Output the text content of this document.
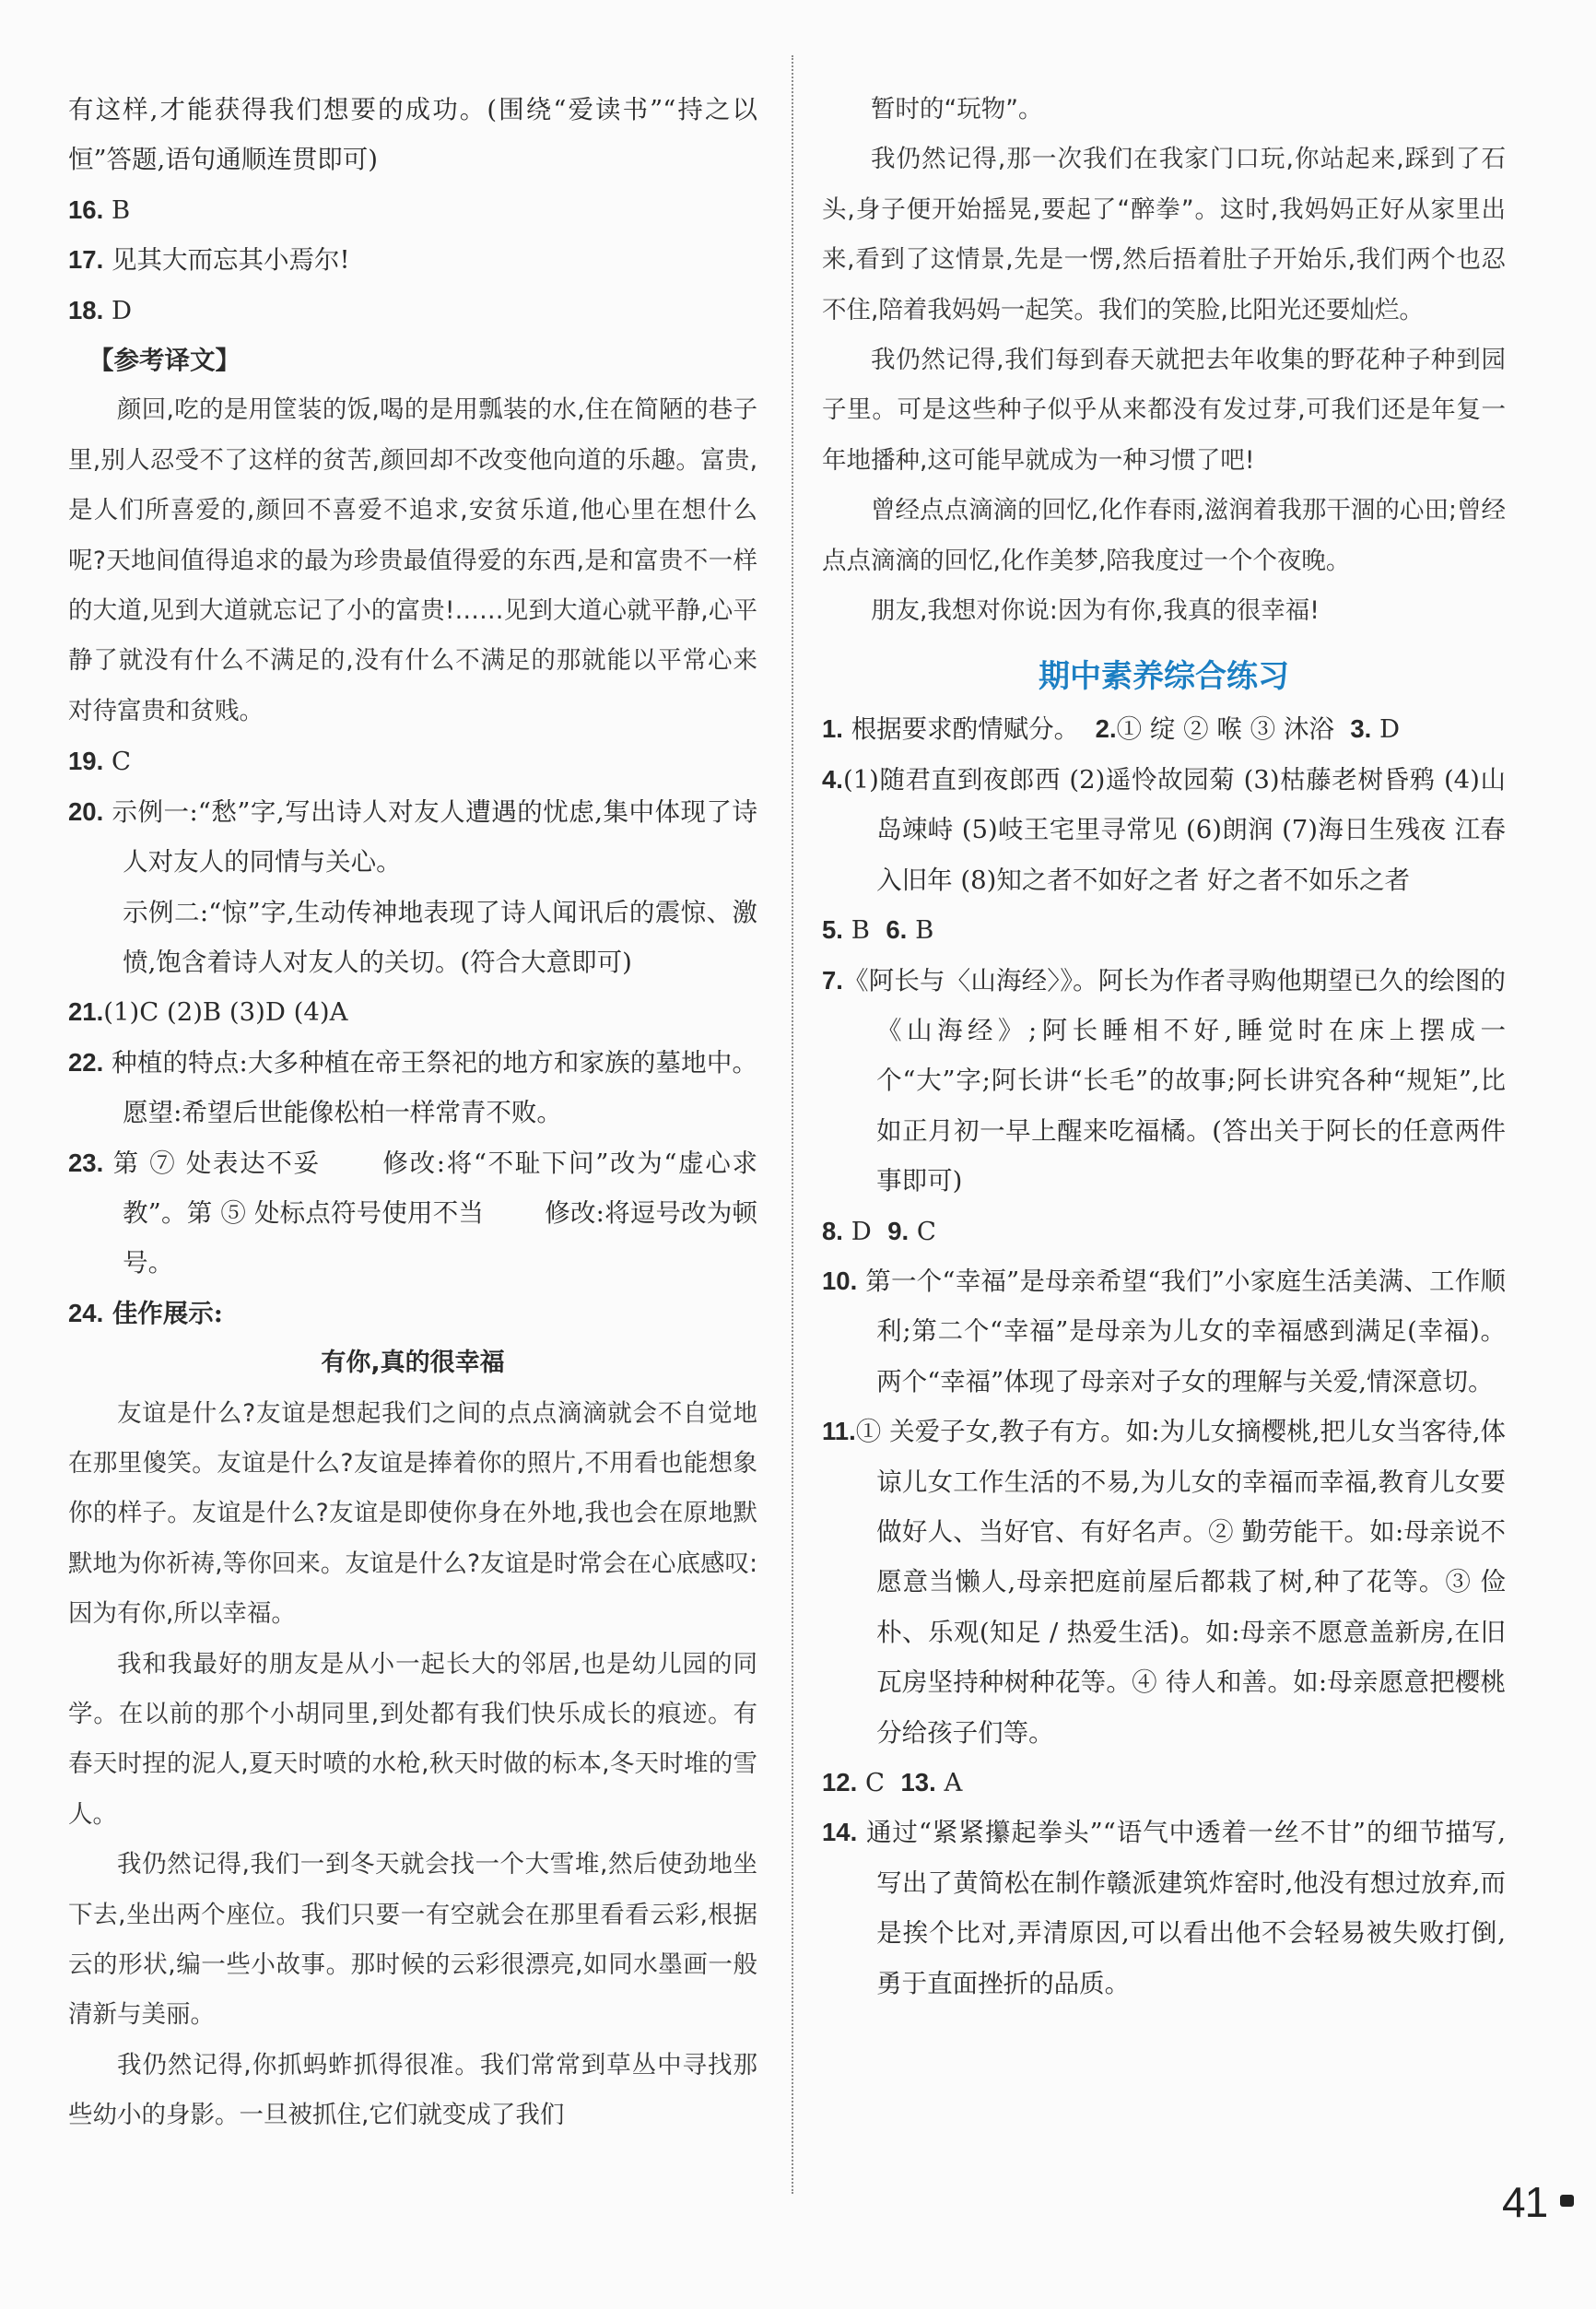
有这样,才能获得我们想要的成功。(围绕“爱读书”“持之以恒”答题,语句通顺连贯即可)

16. B

17. 见其大而忘其小焉尔!

18. D

【参考译文】

颜回,吃的是用筐装的饭,喝的是用瓢装的水,住在简陋的巷子里,别人忍受不了这样的贫苦,颜回却不改变他向道的乐趣。富贵,是人们所喜爱的,颜回不喜爱不追求,安贫乐道,他心里在想什么呢?天地间值得追求的最为珍贵最值得爱的东西,是和富贵不一样的大道,见到大道就忘记了小的富贵!……见到大道心就平静,心平静了就没有什么不满足的,没有什么不满足的那就能以平常心来对待富贵和贫贱。

19. C

20. 示例一:“愁”字,写出诗人对友人遭遇的忧虑,集中体现了诗人对友人的同情与关心。

示例二:“惊”字,生动传神地表现了诗人闻讯后的震惊、激愤,饱含着诗人对友人的关切。(符合大意即可)

21.(1)C (2)B (3)D (4)A

22. 种植的特点:大多种植在帝王祭祀的地方和家族的墓地中。愿望:希望后世能像松柏一样常青不败。

23. 第 ⑦ 处表达不妥 修改:将“不耻下问”改为“虚心求教”。第 ⑤ 处标点符号使用不当 修改:将逗号改为顿号。

24. 佳作展示:

有你,真的很幸福

友谊是什么?友谊是想起我们之间的点点滴滴就会不自觉地在那里傻笑。友谊是什么?友谊是捧着你的照片,不用看也能想象你的样子。友谊是什么?友谊是即使你身在外地,我也会在原地默默地为你祈祷,等你回来。友谊是什么?友谊是时常会在心底感叹:因为有你,所以幸福。

我和我最好的朋友是从小一起长大的邻居,也是幼儿园的同学。在以前的那个小胡同里,到处都有我们快乐成长的痕迹。有春天时捏的泥人,夏天时喷的水枪,秋天时做的标本,冬天时堆的雪人。

我仍然记得,我们一到冬天就会找一个大雪堆,然后使劲地坐下去,坐出两个座位。我们只要一有空就会在那里看看云彩,根据云的形状,编一些小故事。那时候的云彩很漂亮,如同水墨画一般清新与美丽。

我仍然记得,你抓蚂蚱抓得很准。我们常常到草丛中寻找那些幼小的身影。一旦被抓住,它们就变成了我们

暂时的“玩物”。

我仍然记得,那一次我们在我家门口玩,你站起来,踩到了石头,身子便开始摇晃,要起了“醉拳”。这时,我妈妈正好从家里出来,看到了这情景,先是一愣,然后捂着肚子开始乐,我们两个也忍不住,陪着我妈妈一起笑。我们的笑脸,比阳光还要灿烂。

我仍然记得,我们每到春天就把去年收集的野花种子种到园子里。可是这些种子似乎从来都没有发过芽,可我们还是年复一年地播种,这可能早就成为一种习惯了吧!

曾经点点滴滴的回忆,化作春雨,滋润着我那干涸的心田;曾经点点滴滴的回忆,化作美梦,陪我度过一个个夜晚。

朋友,我想对你说:因为有你,我真的很幸福!

期中素养综合练习

1. 根据要求酌情赋分。 2.① 绽 ② 喉 ③ 沐浴 3. D

4.(1)随君直到夜郎西 (2)遥怜故园菊 (3)枯藤老树昏鸦 (4)山岛竦峙 (5)岐王宅里寻常见 (6)朗润 (7)海日生残夜 江春入旧年 (8)知之者不如好之者 好之者不如乐之者

5. B 6. B

7.《阿长与〈山海经〉》。阿长为作者寻购他期望已久的绘图的《山海经》;阿长睡相不好,睡觉时在床上摆成一个“大”字;阿长讲“长毛”的故事;阿长讲究各种“规矩”,比如正月初一早上醒来吃福橘。(答出关于阿长的任意两件事即可)

8. D 9. C

10. 第一个“幸福”是母亲希望“我们”小家庭生活美满、工作顺利;第二个“幸福”是母亲为儿女的幸福感到满足(幸福)。两个“幸福”体现了母亲对子女的理解与关爱,情深意切。

11.① 关爱子女,教子有方。如:为儿女摘樱桃,把儿女当客待,体谅儿女工作生活的不易,为儿女的幸福而幸福,教育儿女要做好人、当好官、有好名声。② 勤劳能干。如:母亲说不愿意当懒人,母亲把庭前屋后都栽了树,种了花等。③ 俭朴、乐观(知足 / 热爱生活)。如:母亲不愿意盖新房,在旧瓦房坚持种树种花等。④ 待人和善。如:母亲愿意把樱桃分给孩子们等。

12. C 13. A

14. 通过“紧紧攥起拳头”“语气中透着一丝不甘”的细节描写,写出了黄简松在制作赣派建筑炸窑时,他没有想过放弃,而是挨个比对,弄清原因,可以看出他不会轻易被失败打倒,勇于直面挫折的品质。

41
